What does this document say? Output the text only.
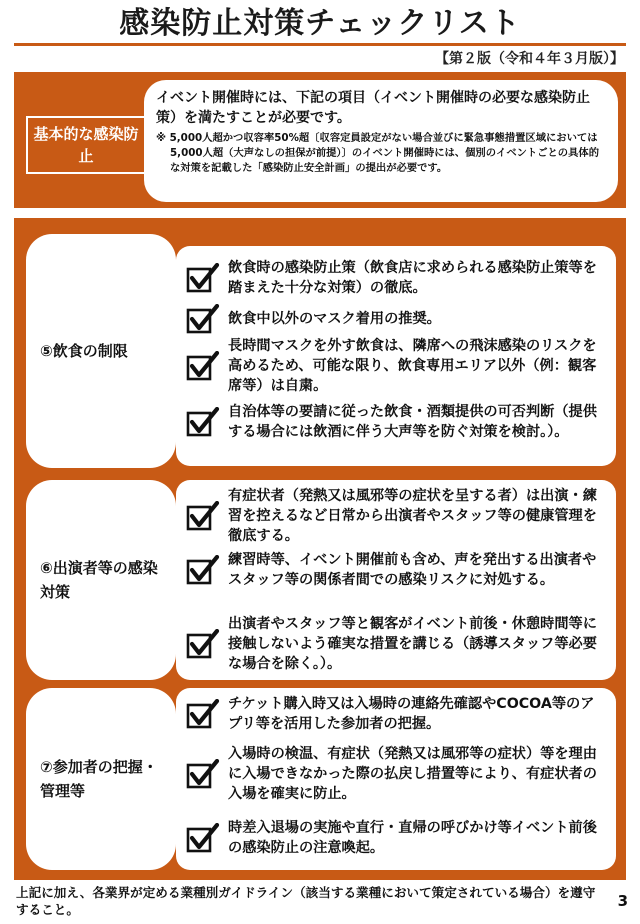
感染防止対策チェックリスト
【第２版（令和４年３月版）】
基本的な感染防止

イベント開催時には、下記の項目（イベント開催時の必要な感染防止策）を満たすことが必要です。

※ 5,000人超かつ収容率50%超〔収容定員設定がない場合並びに緊急事態措置区域においては5,000人超（大声なしの担保が前提）〕のイベント開催時には、個別のイベントごとの具体的な対策を記載した「感染防止安全計画」の提出が必要です。

⑤飲食の制限
飲食時の感染防止策（飲食店に求められる感染防止策等を踏まえた十分な対策）の徹底。
飲食中以外のマスク着用の推奨。
長時間マスクを外す飲食は、隣席への飛沫感染のリスクを高めるため、可能な限り、飲食専用エリア以外（例：観客席等）は自粛。
自治体等の要請に従った飲食・酒類提供の可否判断（提供する場合には飲酒に伴う大声等を防ぐ対策を検討。）。
⑥出演者等の感染対策
有症状者（発熱又は風邪等の症状を呈する者）は出演・練習を控えるなど日常から出演者やスタッフ等の健康管理を徹底する。
練習時等、イベント開催前も含め、声を発出する出演者やスタッフ等の関係者間での感染リスクに対処する。
出演者やスタッフ等と観客がイベント前後・休憩時間等に接触しないよう確実な措置を講じる（誘導スタッフ等必要な場合を除く。）。
⑦参加者の把握・管理等
チケット購入時又は入場時の連絡先確認やCOCOA等のアプリ等を活用した参加者の把握。
入場時の検温、有症状（発熱又は風邪等の症状）等を理由に入場できなかった際の払戻し措置等により、有症状者の入場を確実に防止。
時差入退場の実施や直行・直帰の呼びかけ等イベント前後の感染防止の注意喚起。

上記に加え、各業界が定める業種別ガイドライン（該当する業種において策定されている場合）を遵守すること。	3
